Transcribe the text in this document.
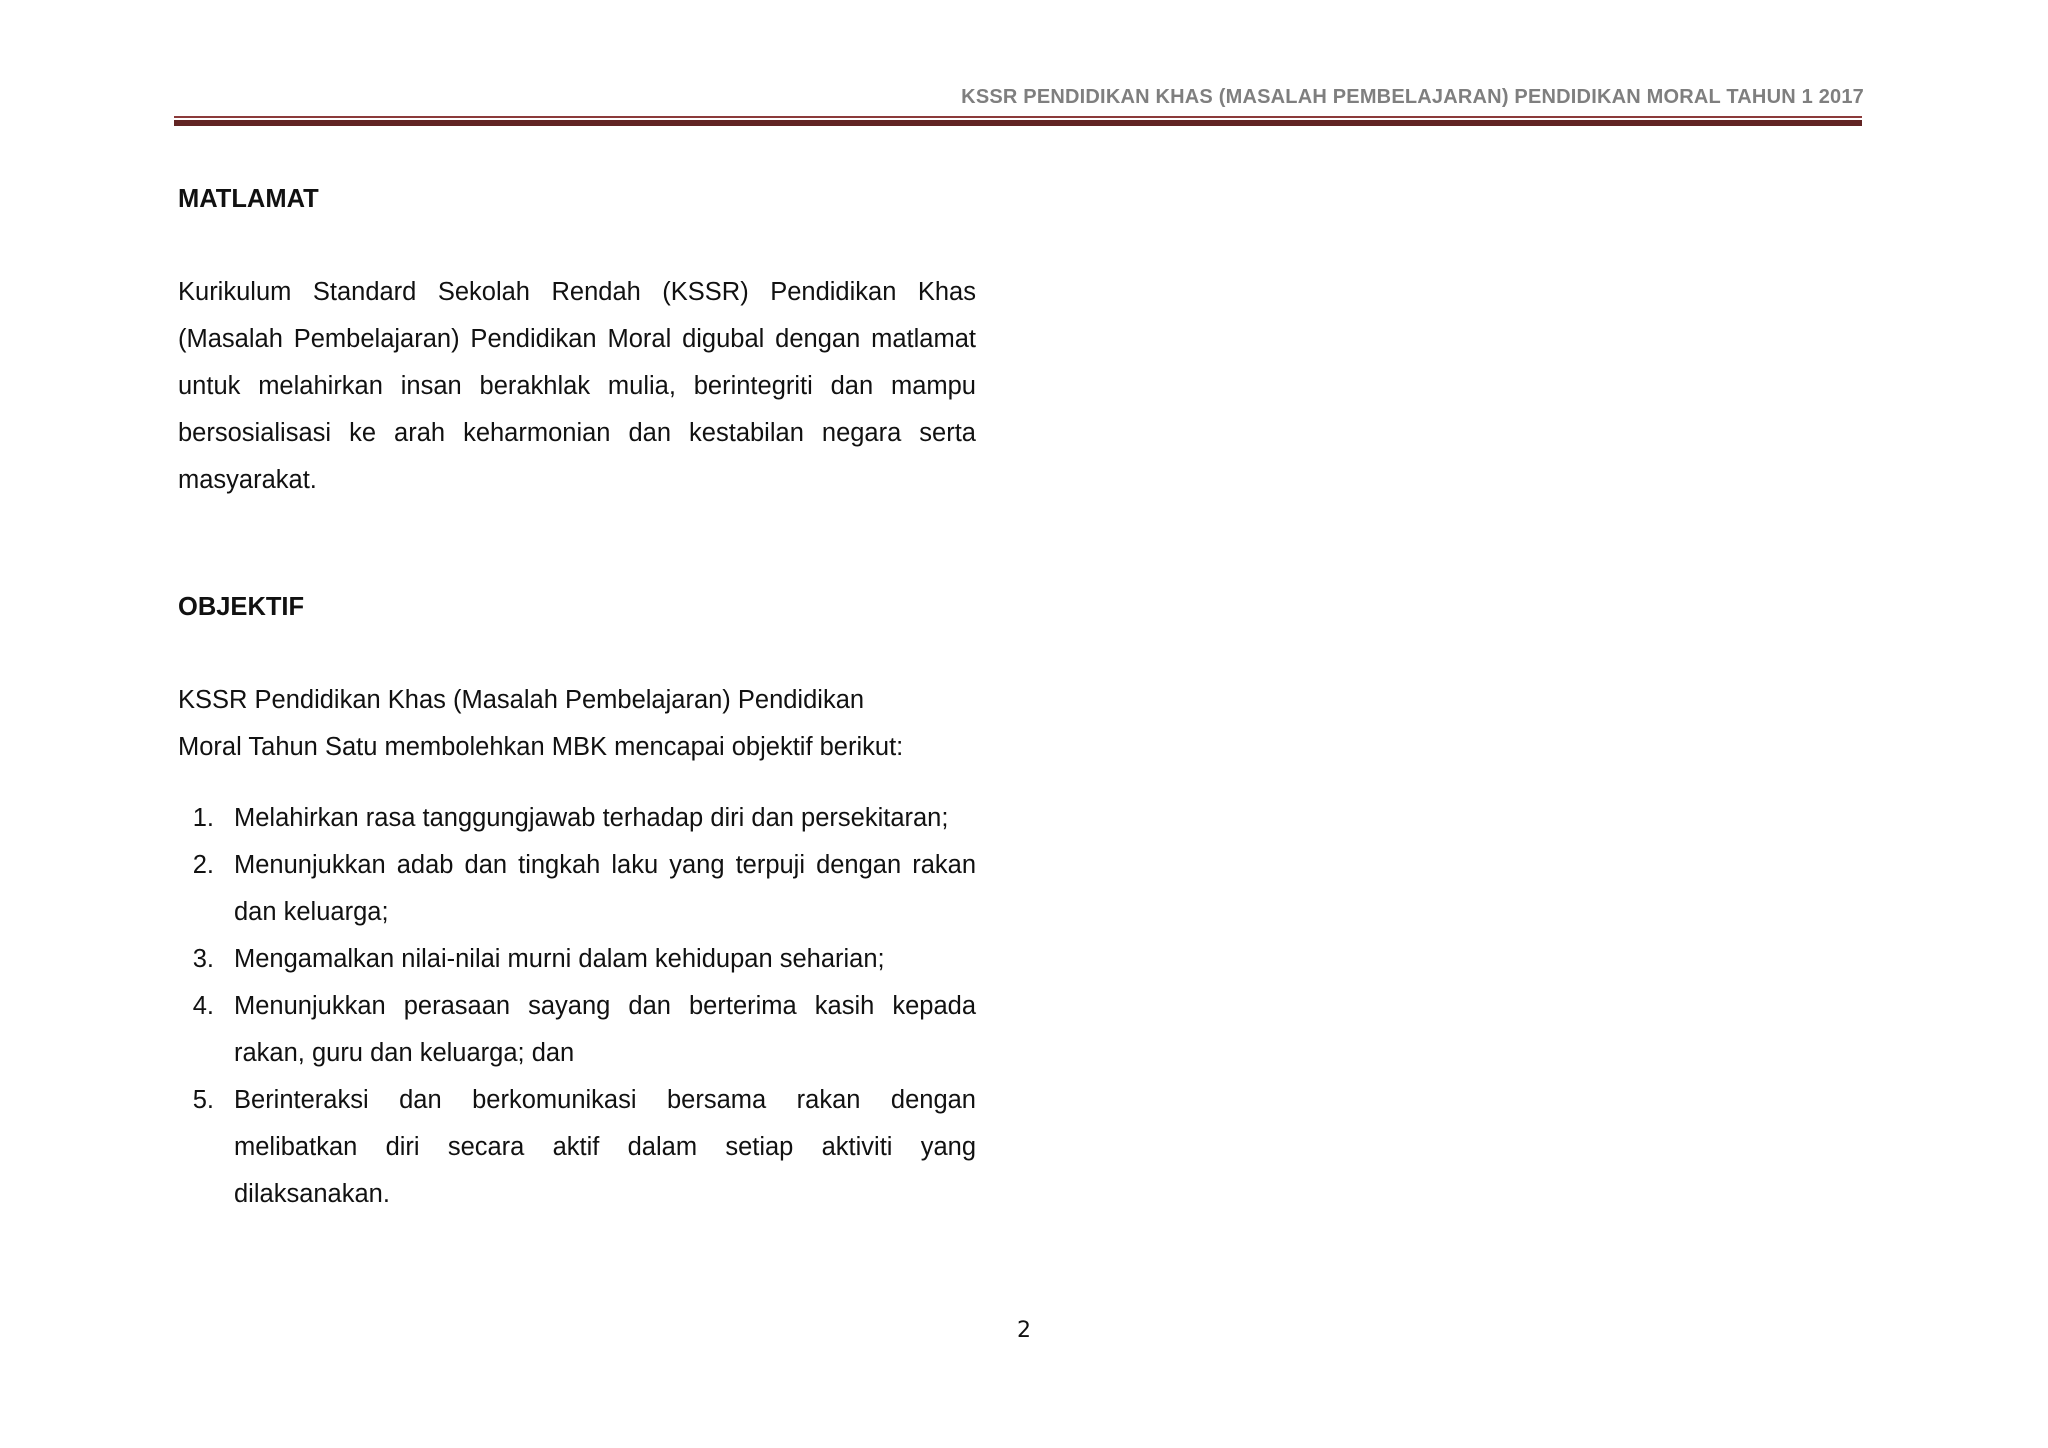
KSSR PENDIDIKAN KHAS (MASALAH PEMBELAJARAN) PENDIDIKAN MORAL TAHUN 1 2017
MATLAMAT

Kurikulum Standard Sekolah Rendah (KSSR) Pendidikan Khas (Masalah Pembelajaran) Pendidikan Moral digubal dengan matlamat untuk melahirkan insan berakhlak mulia, berintegriti dan mampu bersosialisasi ke arah keharmonian dan kestabilan negara serta masyarakat.

OBJEKTIF

KSSR Pendidikan Khas (Masalah Pembelajaran) Pendidikan
Moral Tahun Satu membolehkan MBK mencapai objektif berikut:

1. Melahirkan rasa tanggungjawab terhadap diri dan persekitaran;
2. Menunjukkan adab dan tingkah laku yang terpuji dengan rakan dan keluarga;
3. Mengamalkan nilai-nilai murni dalam kehidupan seharian;
4. Menunjukkan perasaan sayang dan berterima kasih kepada rakan, guru dan keluarga; dan
5. Berinteraksi dan berkomunikasi bersama rakan dengan melibatkan diri secara aktif dalam setiap aktiviti yang dilaksanakan.
2
